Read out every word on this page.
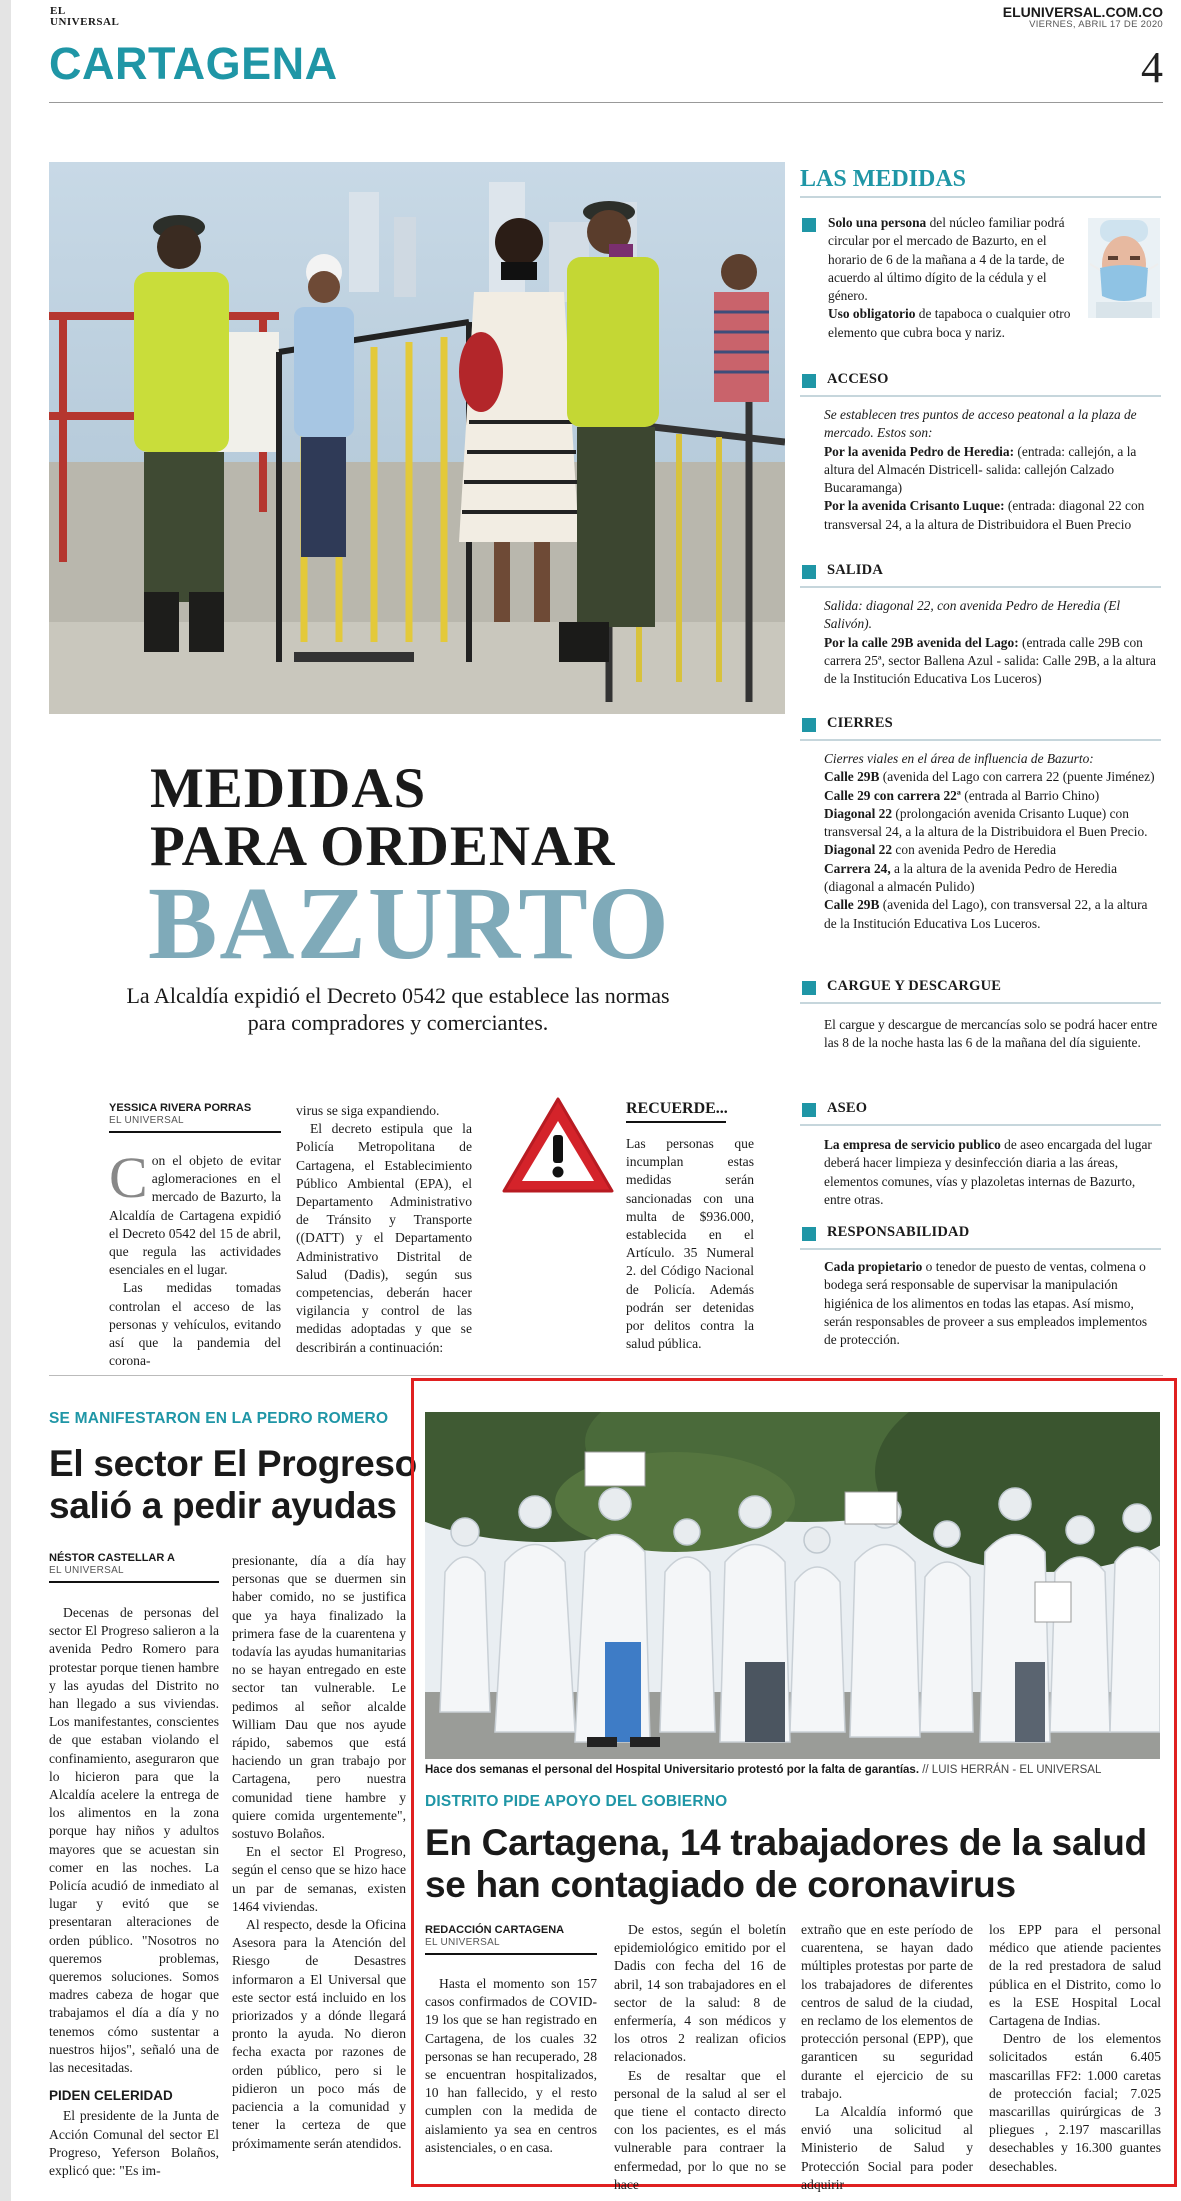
EL
UNIVERSAL
ELUNIVERSAL.COM.CO
VIERNES, ABRIL 17 DE 2020
CARTAGENA	4
MEDIDAS
PARA ORDENAR
BAZURTO
La Alcaldía expidió el Decreto 0542 que establece las normas para compradores y comerciantes.
YESSICA RIVERA PORRAS
EL UNIVERSAL

Con el objeto de evitar aglomeraciones en el mercado de Bazurto, la Alcaldía de Cartagena expidió el Decreto 0542 del 15 de abril, que regula las actividades esenciales en el lugar.

Las medidas tomadas controlan el acceso de las personas y vehículos, evitando así que la pandemia del corona-

virus se siga expandiendo.

El decreto estipula que la Policía Metropolitana de Cartagena, el Establecimiento Público Ambiental (EPA), el Departamento Administrativo de Tránsito y Transporte ((DATT) y el Departamento Administrativo Distrital de Salud (Dadis), según sus competencias, deberán hacer vigilancia y control de las medidas adoptadas y que se describirán a continuación:

RECUERDE...

Las personas que incumplan estas medidas serán sancionadas con una multa de $936.000, establecida en el Artículo. 35 Numeral 2. del Código Nacional de Policía. Además podrán ser detenidas por delitos contra la salud pública.

LAS MEDIDAS
Solo una persona del núcleo familiar podrá circular por el mercado de Bazurto, en el horario de 6 de la mañana a 4 de la tarde, de acuerdo al último dígito de la cédula y el género.
Uso obligatorio de tapaboca o cualquier otro elemento que cubra boca y nariz.
ACCESO
Se establecen tres puntos de acceso peatonal a la plaza de mercado. Estos son:
Por la avenida Pedro de Heredia: (entrada: callejón, a la altura del Almacén Districell- salida: callejón Calzado Bucaramanga)
Por la avenida Crisanto Luque: (entrada: diagonal 22 con transversal 24, a la altura de Distribuidora el Buen Precio
SALIDA
Salida: diagonal 22, con avenida Pedro de Heredia (El Salivón).
Por la calle 29B avenida del Lago: (entrada calle 29B con carrera 25ª, sector Ballena Azul - salida: Calle 29B, a la altura de la Institución Educativa Los Luceros)
CIERRES
Cierres viales en el área de influencia de Bazurto:
Calle 29B (avenida del Lago con carrera 22 (puente Jiménez) Calle 29 con carrera 22ª (entrada al Barrio Chino)
Diagonal 22 (prolongación avenida Crisanto Luque) con transversal 24, a la altura de la Distribuidora el Buen Precio.
Diagonal 22 con avenida Pedro de Heredia
Carrera 24, a la altura de la avenida Pedro de Heredia (diagonal a almacén Pulido)
Calle 29B (avenida del Lago), con transversal 22, a la altura de la Institución Educativa Los Luceros.
CARGUE Y DESCARGUE
El cargue y descargue de mercancías solo se podrá hacer entre las 8 de la noche hasta las 6 de la mañana del día siguiente.
ASEO
La empresa de servicio publico de aseo encargada del lugar deberá hacer limpieza y desinfección diaria a las áreas, elementos comunes, vías y plazoletas internas de Bazurto, entre otras.
RESPONSABILIDAD
Cada propietario o tenedor de puesto de ventas, colmena o bodega será responsable de supervisar la manipulación higiénica de los alimentos en todas las etapas. Así mismo, serán responsables de proveer a sus empleados implementos de protección.
SE MANIFESTARON EN LA PEDRO ROMERO
El sector El Progreso
salió a pedir ayudas
NÉSTOR CASTELLAR A
EL UNIVERSAL

Decenas de personas del sector El Progreso salieron a la avenida Pedro Romero para protestar porque tienen hambre y las ayudas del Distrito no han llegado a sus viviendas. Los manifestantes, conscientes de que estaban violando el confinamiento, aseguraron que lo hicieron para que la Alcaldía acelere la entrega de los alimentos en la zona porque hay niños y adultos mayores que se acuestan sin comer en las noches. La Policía acudió de inmediato al lugar y evitó que se presentaran alteraciones de orden público. "Nosotros no queremos problemas, queremos soluciones. Somos madres cabeza de hogar que trabajamos el día a día y no tenemos cómo sustentar a nuestros hijos", señaló una de las necesitadas.

PIDEN CELERIDAD

El presidente de la Junta de Acción Comunal del sector El Progreso, Yeferson Bolaños, explicó que: "Es im-

presionante, día a día hay personas que se duermen sin haber comido, no se justifica que ya haya finalizado la primera fase de la cuarentena y todavía las ayudas humanitarias no se hayan entregado en este sector tan vulnerable. Le pedimos al señor alcalde William Dau que nos ayude rápido, sabemos que está haciendo un gran trabajo por Cartagena, pero nuestra comunidad tiene hambre y quiere comida urgentemente", sostuvo Bolaños.

En el sector El Progreso, según el censo que se hizo hace un par de semanas, existen 1464 viviendas.

Al respecto, desde la Oficina Asesora para la Atención del Riesgo de Desastres informaron a El Universal que este sector está incluido en los priorizados y a dónde llegará pronto la ayuda. No dieron fecha exacta por razones de orden público, pero si le pidieron un poco más de paciencia a la comunidad y tener la certeza de que próximamente serán atendidos.

Hace dos semanas el personal del Hospital Universitario protestó por la falta de garantías. // LUIS HERRÁN - EL UNIVERSAL
DISTRITO PIDE APOYO DEL GOBIERNO
En Cartagena, 14 trabajadores de la salud
se han contagiado de coronavirus
REDACCIÓN CARTAGENA
EL UNIVERSAL

Hasta el momento son 157 casos confirmados de COVID-19 los que se han registrado en Cartagena, de los cuales 32 personas se han recuperado, 28 se encuentran hospitalizados, 10 han fallecido, y el resto cumplen con la medida de aislamiento ya sea en centros asistenciales, o en casa.

De estos, según el boletín epidemiológico emitido por el Dadis con fecha del 16 de abril, 14 son trabajadores en el sector de la salud: 8 de enfermería, 4 son médicos y los otros 2 realizan oficios relacionados.

Es de resaltar que el personal de la salud al ser el que tiene el contacto directo con los pacientes, es el más vulnerable para contraer la enfermedad, por lo que no se hace

extraño que en este período de cuarentena, se hayan dado múltiples protestas por parte de los trabajadores de diferentes centros de salud de la ciudad, en reclamo de los elementos de protección personal (EPP), que garanticen su seguridad durante el ejercicio de su trabajo.

La Alcaldía informó que envió una solicitud al Ministerio de Salud y Protección Social para poder adquirir

los EPP para el personal médico que atiende pacientes de la red prestadora de salud pública en el Distrito, como lo es la ESE Hospital Local Cartagena de Indias.

Dentro de los elementos solicitados están 6.405 mascarillas FF2: 1.000 caretas de protección facial; 7.025 mascarillas quirúrgicas de 3 pliegues , 2.197 mascarillas desechables y 16.300 guantes desechables.
